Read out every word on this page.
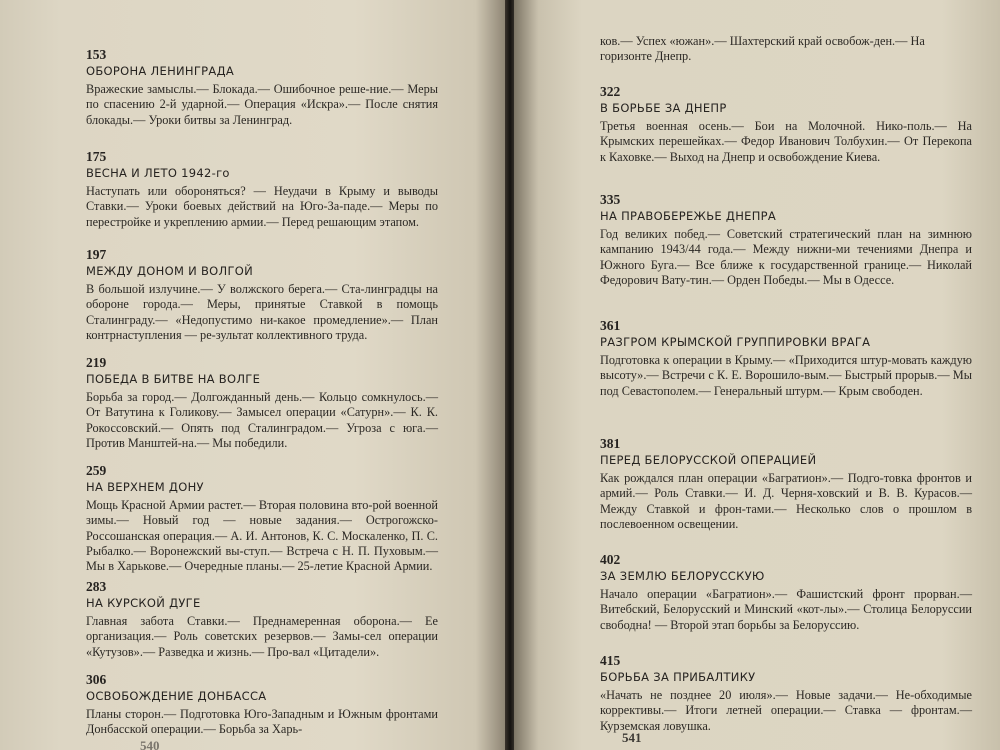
153
ОБОРОНА ЛЕНИНГРАДА
Вражеские замыслы.— Блокада.— Ошибочное реше-ние.— Меры по спасению 2-й ударной.— Операция «Искра».— После снятия блокады.— Уроки битвы за Ленинград.
175
ВЕСНА И ЛЕТО 1942-го
Наступать или обороняться? — Неудачи в Крыму и выводы Ставки.— Уроки боевых действий на Юго-За-паде.— Меры по перестройке и укреплению армии.— Перед решающим этапом.
197
МЕЖДУ ДОНОМ И ВОЛГОЙ
В большой излучине.— У волжского берега.— Ста-линградцы на обороне города.— Меры, принятые Ставкой в помощь Сталинграду.— «Недопустимо ни-какое промедление».— План контрнаступления — ре-зультат коллективного труда.
219
ПОБЕДА В БИТВЕ НА ВОЛГЕ
Борьба за город.— Долгожданный день.— Кольцо сомкнулось.— От Ватутина к Голикову.— Замысел операции «Сатурн».— К. К. Рокоссовский.— Опять под Сталинградом.— Угроза с юга.— Против Манштей-на.— Мы победили.
259
НА ВЕРХНЕМ ДОНУ
Мощь Красной Армии растет.— Вторая половина вто-рой военной зимы.— Новый год — новые задания.— Острогожско-Россошанская операция.— А. И. Антонов, К. С. Москаленко, П. С. Рыбалко.— Воронежский вы-ступ.— Встреча с Н. П. Пуховым.— Мы в Харькове.— Очередные планы.— 25-летие Красной Армии.
283
НА КУРСКОЙ ДУГЕ
Главная забота Ставки.— Преднамеренная оборона.— Ее организация.— Роль советских резервов.— Замы-сел операции «Кутузов».— Разведка и жизнь.— Про-вал «Цитадели».
306
ОСВОБОЖДЕНИЕ ДОНБАССА
Планы сторон.— Подготовка Юго-Западным и Южным фронтами Донбасской операции.— Борьба за Харь-
540
ков.— Успех «южан».— Шахтерский край освобож-ден.— На горизонте Днепр.
322
В БОРЬБЕ ЗА ДНЕПР
Третья военная осень.— Бои на Молочной. Нико-поль.— На Крымских перешейках.— Федор Иванович Толбухин.— От Перекопа к Каховке.— Выход на Днепр и освобождение Киева.
335
НА ПРАВОБЕРЕЖЬЕ ДНЕПРА
Год великих побед.— Советский стратегический план на зимнюю кампанию 1943/44 года.— Между нижни-ми течениями Днепра и Южного Буга.— Все ближе к государственной границе.— Николай Федорович Вату-тин.— Орден Победы.— Мы в Одессе.
361
РАЗГРОМ КРЫМСКОЙ ГРУППИРОВКИ ВРАГА
Подготовка к операции в Крыму.— «Приходится штур-мовать каждую высоту».— Встречи с К. Е. Ворошило-вым.— Быстрый прорыв.— Мы под Севастополем.— Генеральный штурм.— Крым свободен.
381
ПЕРЕД БЕЛОРУССКОЙ ОПЕРАЦИЕЙ
Как рождался план операции «Багратион».— Подго-товка фронтов и армий.— Роль Ставки.— И. Д. Черня-ховский и В. В. Курасов.— Между Ставкой и фрон-тами.— Несколько слов о прошлом в послевоенном освещении.
402
ЗА ЗЕМЛЮ БЕЛОРУССКУЮ
Начало операции «Багратион».— Фашистский фронт прорван.— Витебский, Белорусский и Минский «кот-лы».— Столица Белоруссии свободна! — Второй этап борьбы за Белоруссию.
415
БОРЬБА ЗА ПРИБАЛТИКУ
«Начать не позднее 20 июля».— Новые задачи.— Не-обходимые коррективы.— Итоги летней операции.— Ставка — фронтам.— Курземская ловушка.
541
